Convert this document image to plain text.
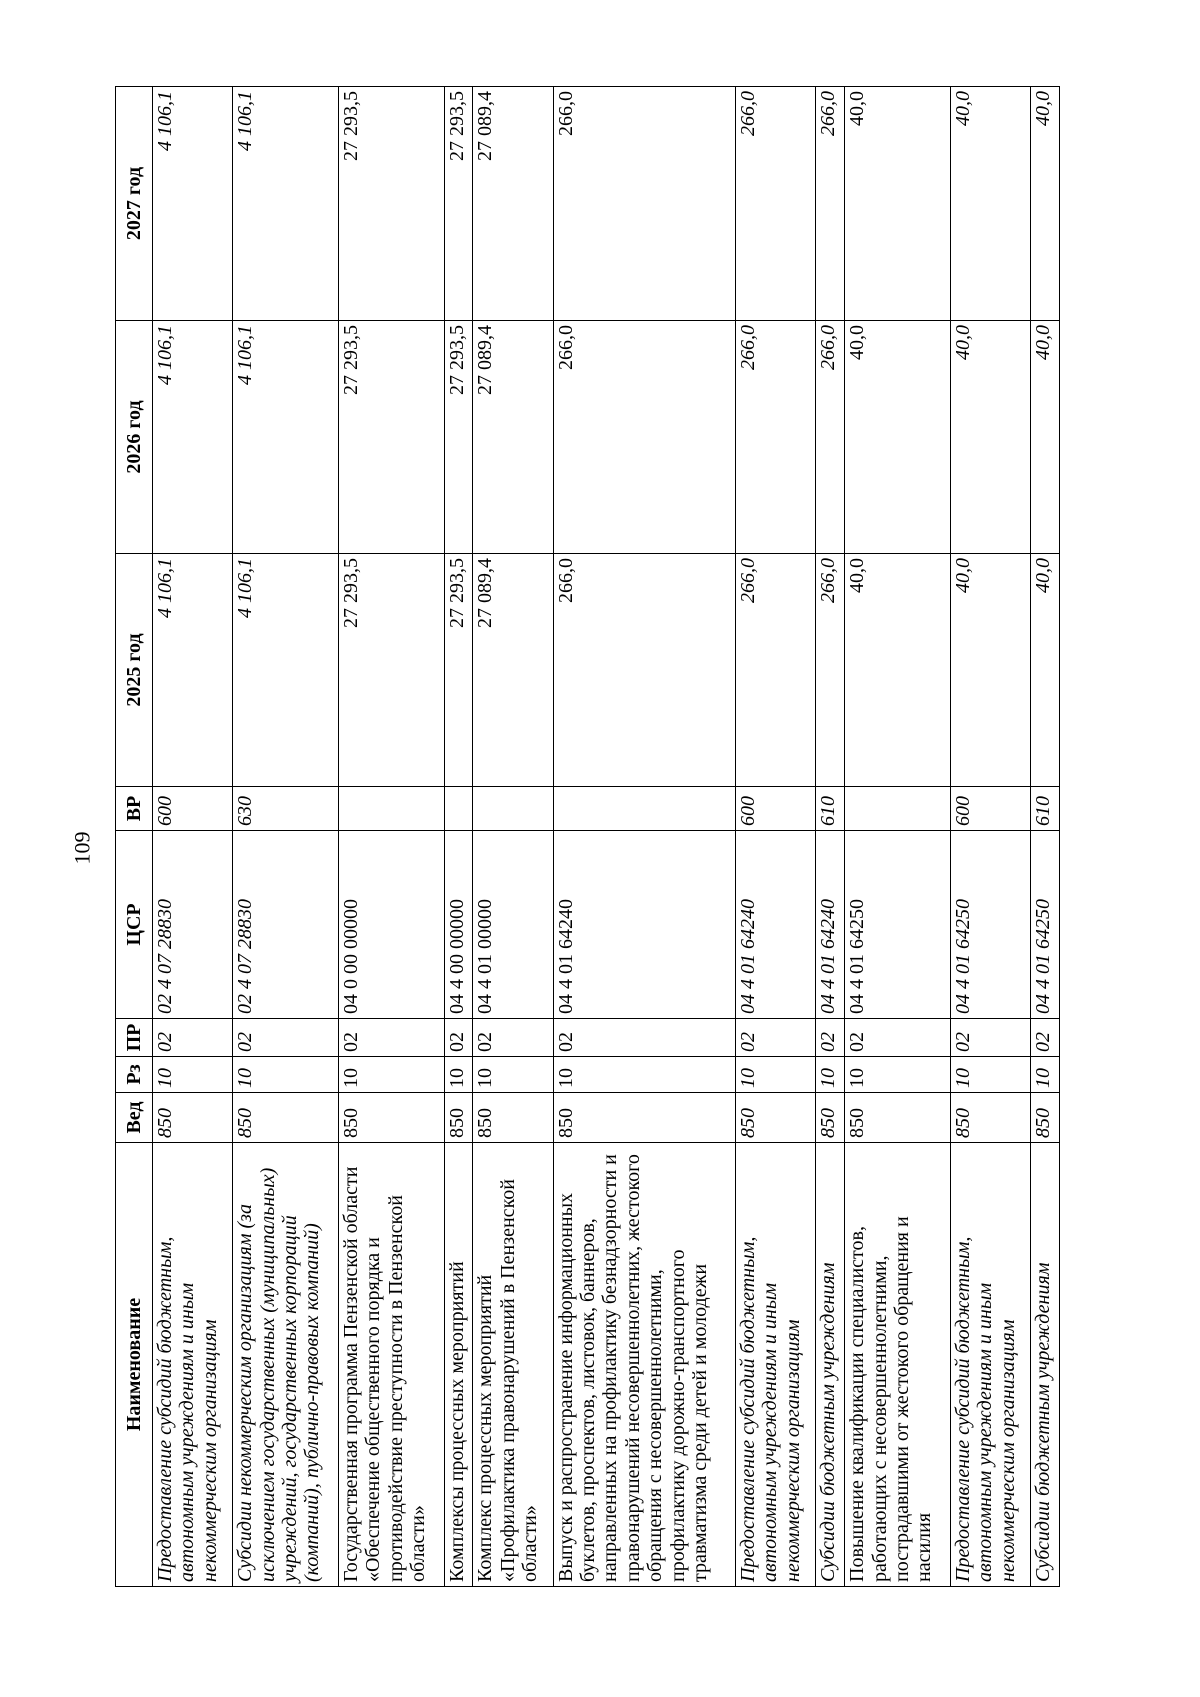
109
Наименование	Вед	Рз	ПР	ЦСР	ВР	2025 год	2026 год	2027 год
Предоставление субсидий бюджетным, автономным учреждениям и иным некоммерческим организациям	850	10	02	02 4 07 28830	600	4 106,1	4 106,1	4 106,1
Субсидии некоммерческим организациям (за исключением государственных (муниципальных) учреждений, государственных корпораций (компаний), публично-правовых компаний)	850	10	02	02 4 07 28830	630	4 106,1	4 106,1	4 106,1
Государственная программа Пензенской области «Обеспечение общественного порядка и противодействие преступности в Пензенской области»	850	10	02	04 0 00 00000		27 293,5	27 293,5	27 293,5
Комплексы процессных мероприятий	850	10	02	04 4 00 00000		27 293,5	27 293,5	27 293,5
Комплекс процессных мероприятий «Профилактика правонарушений в Пензенской области»	850	10	02	04 4 01 00000		27 089,4	27 089,4	27 089,4
Выпуск и распространение информационных буклетов, проспектов, листовок, баннеров, направленных на профилактику безнадзорности и правонарушений несовершеннолетних, жестокого обращения с несовершеннолетними, профилактику дорожно-транспортного травматизма среди детей и молодежи	850	10	02	04 4 01 64240		266,0	266,0	266,0
Предоставление субсидий бюджетным, автономным учреждениям и иным некоммерческим организациям	850	10	02	04 4 01 64240	600	266,0	266,0	266,0
Субсидии бюджетным учреждениям	850	10	02	04 4 01 64240	610	266,0	266,0	266,0
Повышение квалификации специалистов, работающих с несовершеннолетними, пострадавшими от жестокого обращения и насилия	850	10	02	04 4 01 64250		40,0	40,0	40,0
Предоставление субсидий бюджетным, автономным учреждениям и иным некоммерческим организациям	850	10	02	04 4 01 64250	600	40,0	40,0	40,0
Субсидии бюджетным учреждениям	850	10	02	04 4 01 64250	610	40,0	40,0	40,0
